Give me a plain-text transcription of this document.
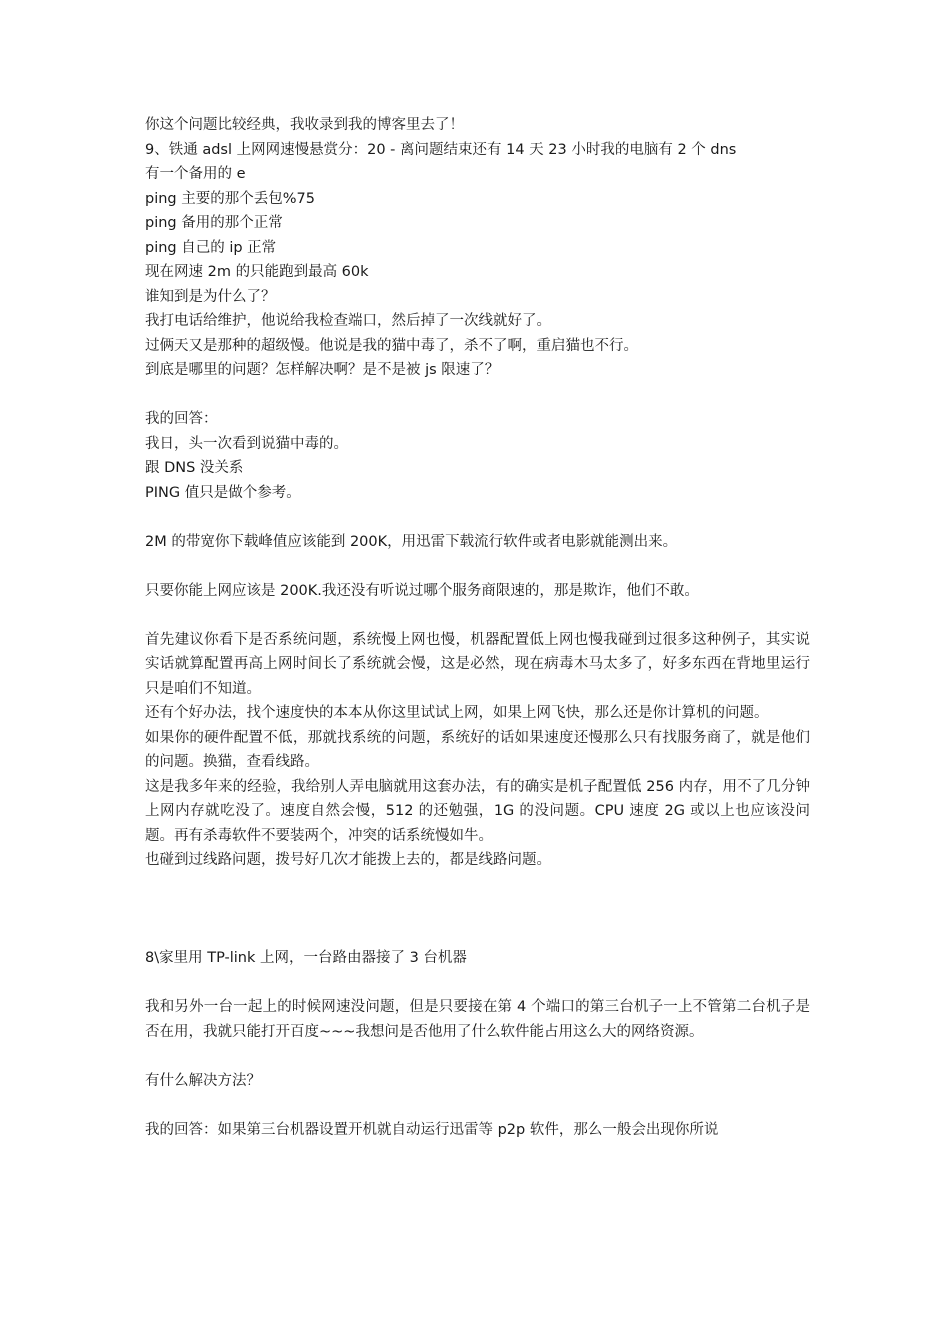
你这个问题比较经典，我收录到我的博客里去了！
9、铁通 adsl 上网网速慢悬赏分：20 - 离问题结束还有 14 天 23 小时我的电脑有 2 个 dns
有一个备用的 e
ping 主要的那个丢包%75
ping 备用的那个正常
ping 自己的 ip 正常
现在网速 2m 的只能跑到最高 60k
谁知到是为什么了？
我打电话给维护，他说给我检查端口，然后掉了一次线就好了。
过俩天又是那种的超级慢。他说是我的猫中毒了，杀不了啊，重启猫也不行。
到底是哪里的问题？怎样解决啊？是不是被 js 限速了？
我的回答：
我日，头一次看到说猫中毒的。
跟 DNS 没关系
PING 值只是做个参考。
2M 的带宽你下载峰值应该能到 200K，用迅雷下载流行软件或者电影就能测出来。
只要你能上网应该是 200K.我还没有听说过哪个服务商限速的，那是欺诈，他们不敢。
首先建议你看下是否系统问题，系统慢上网也慢，机器配置低上网也慢我碰到过很多这种例子，其实说实话就算配置再高上网时间长了系统就会慢，这是必然，现在病毒木马太多了，好多东西在背地里运行只是咱们不知道。
还有个好办法，找个速度快的本本从你这里试试上网，如果上网飞快，那么还是你计算机的问题。
如果你的硬件配置不低，那就找系统的问题，系统好的话如果速度还慢那么只有找服务商了，就是他们的问题。换猫，查看线路。
这是我多年来的经验，我给别人弄电脑就用这套办法，有的确实是机子配置低 256 内存，用不了几分钟上网内存就吃没了。速度自然会慢，512 的还勉强，1G 的没问题。CPU 速度 2G 或以上也应该没问题。再有杀毒软件不要装两个，冲突的话系统慢如牛。
也碰到过线路问题，拨号好几次才能拨上去的，都是线路问题。
8\家里用 TP-link 上网，一台路由器接了 3 台机器
我和另外一台一起上的时候网速没问题，但是只要接在第 4 个端口的第三台机子一上不管第二台机子是否在用，我就只能打开百度~~~我想问是否他用了什么软件能占用这么大的网络资源。
有什么解决方法？
我的回答：如果第三台机器设置开机就自动运行迅雷等 p2p 软件，那么一般会出现你所说
